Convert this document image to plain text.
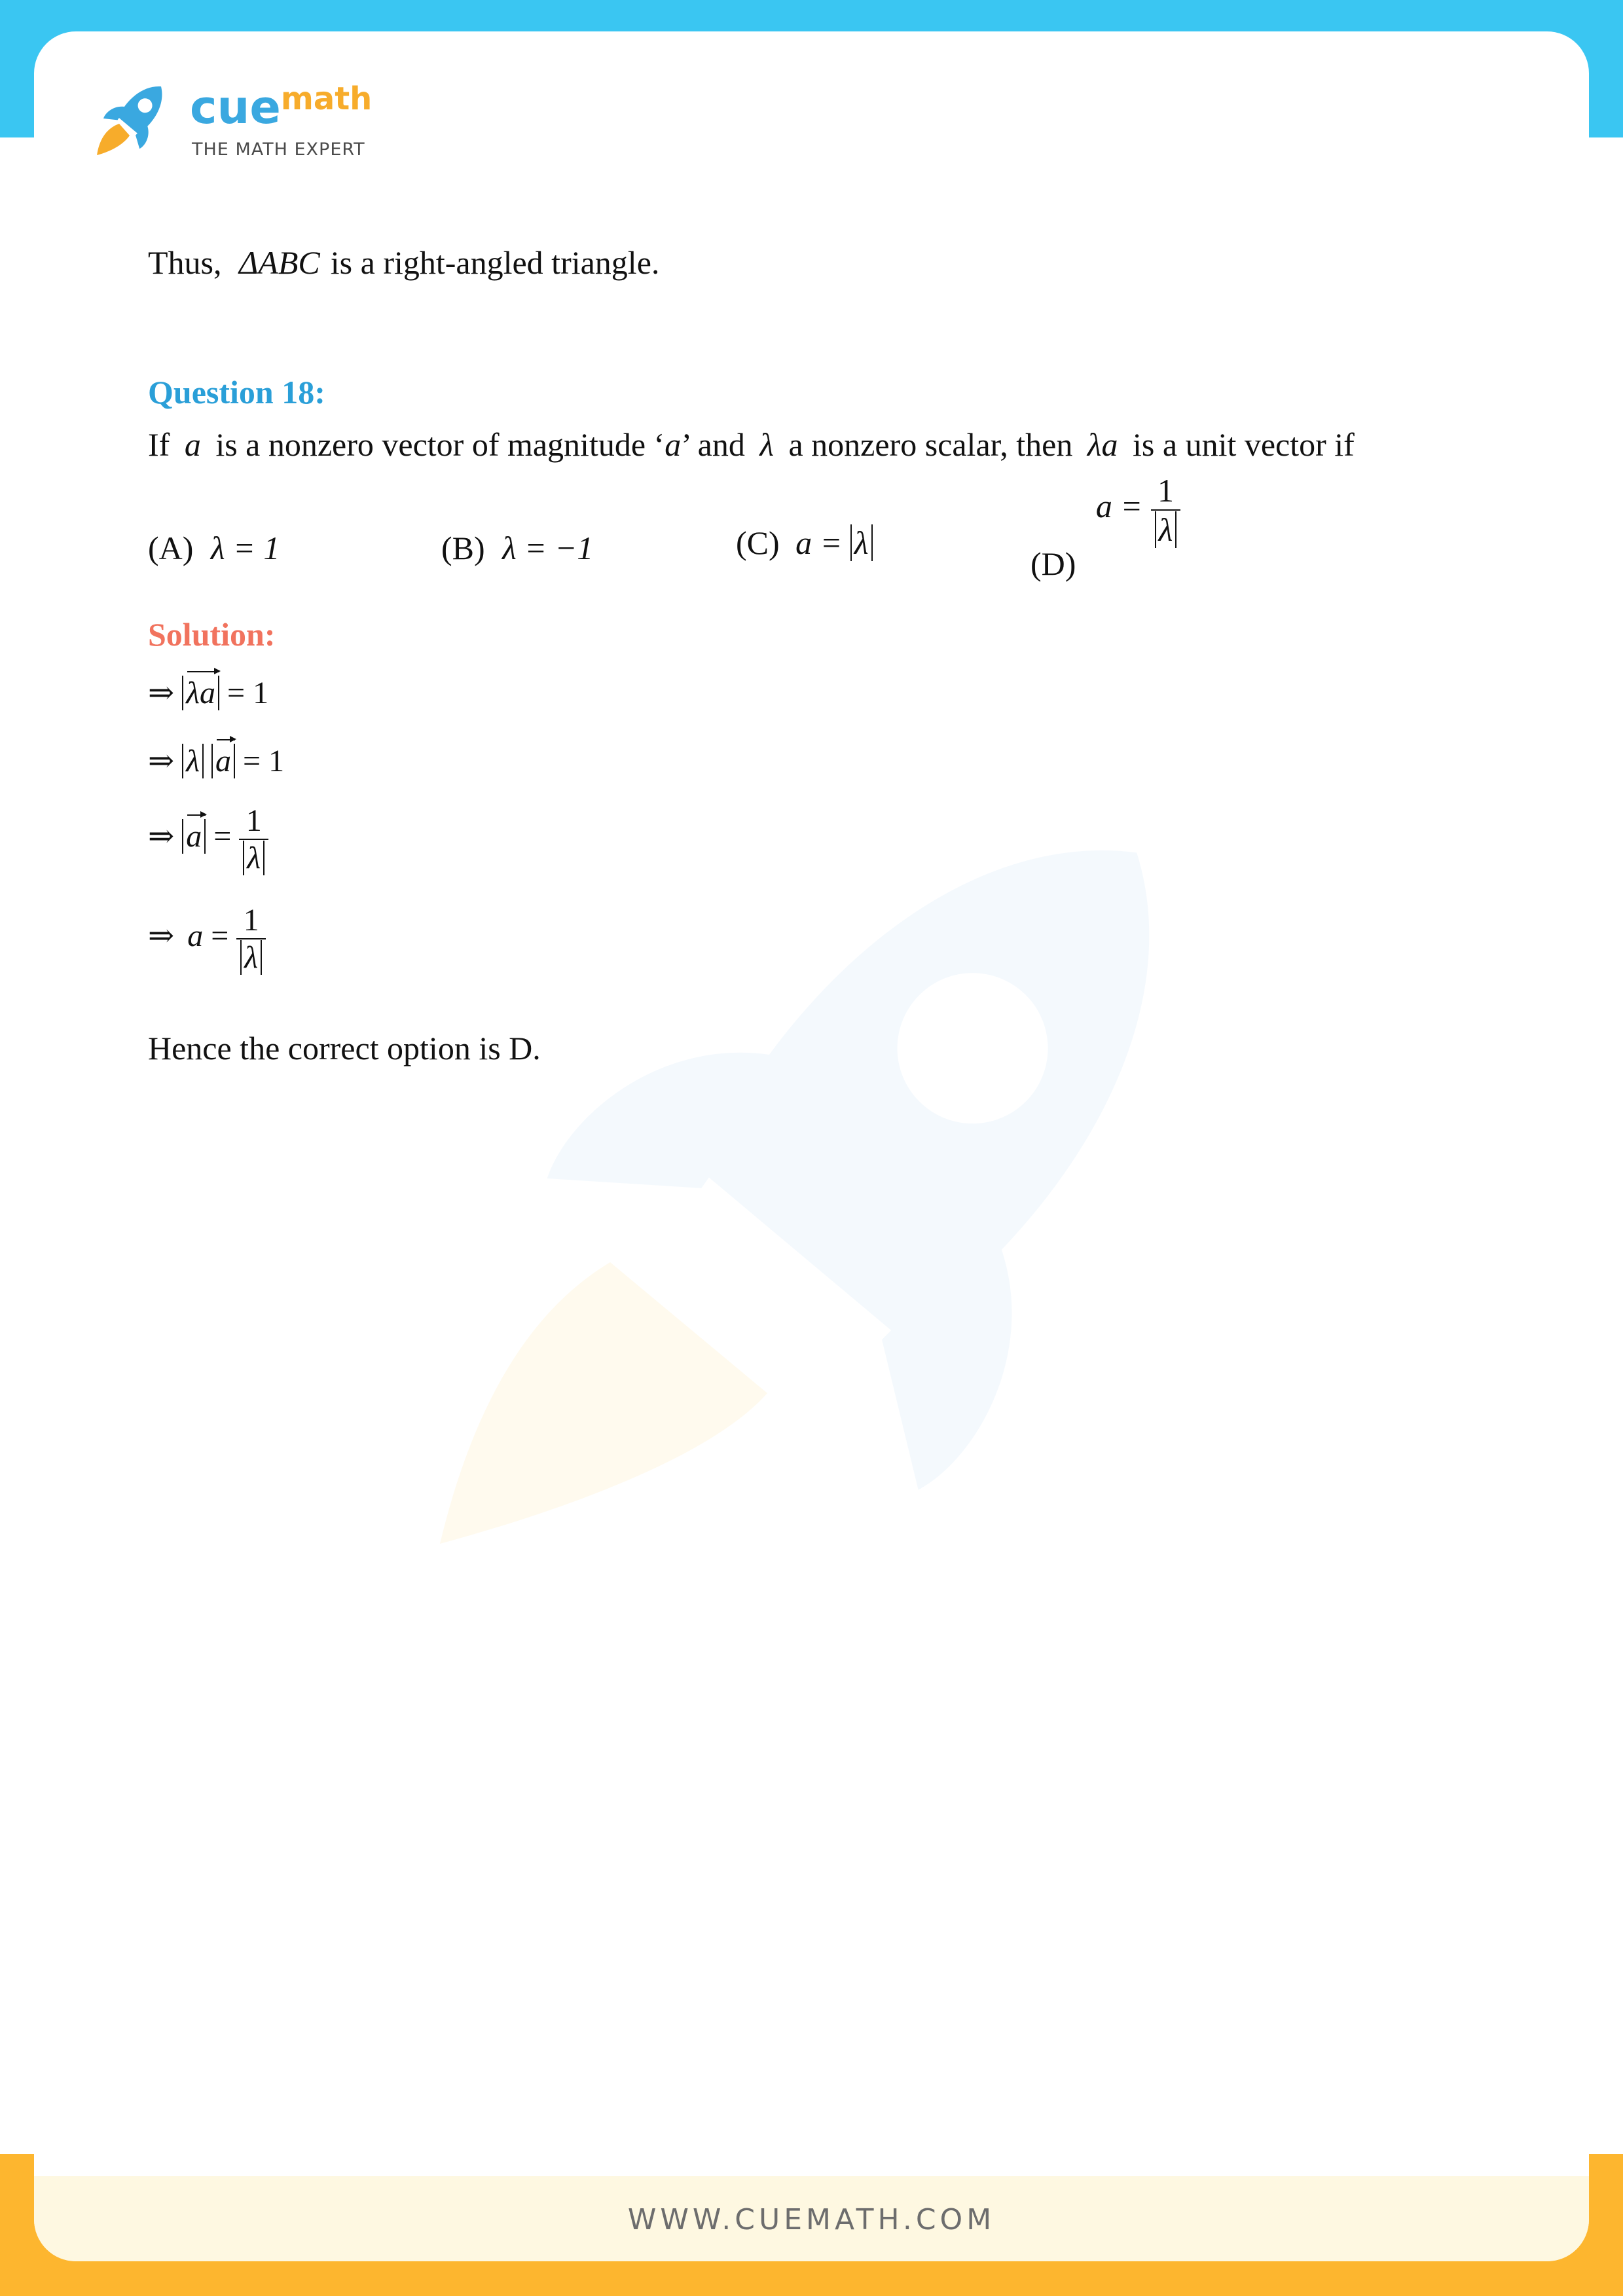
WWW.CUEMATH.COM
cue math
THE MATH EXPERT
Thus, ΔABC is a right-angled triangle.
Question 18:
If a is a nonzero vector of magnitude ‘a’ and λ a nonzero scalar, then λa is a unit vector if
(A) λ = 1	(B) λ = −1	(C) a = λ
(D) $a = \frac{1}{\lambda}$
Solution:
⇒ λa = 1
⇒ λ a = 1
⇒ $a = \frac{1}{\lambda}$
⇒ $a = \frac{1}{\lambda}$
Hence the correct option is D.
